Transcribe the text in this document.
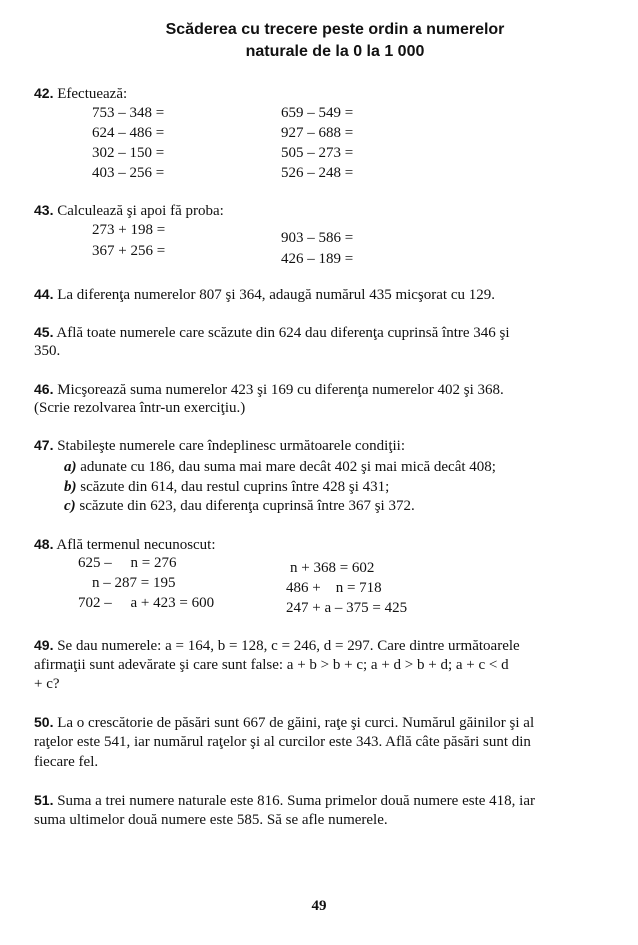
Scăderea cu trecere peste ordin a numerelor
naturale de la 0 la 1 000
42. Efectuează:
753 – 348 =
624 – 486 =
302 – 150 =
403 – 256 =
659 – 549 =
927 – 688 =
505 – 273 =
526 – 248 =
43. Calculează şi apoi fă proba:
273 + 198 =
367 + 256 =
903 – 586 =
426 – 189 =
44. La diferenţa numerelor 807 şi 364, adaugă numărul 435 micşorat cu 129.
45. Află toate numerele care scăzute din 624 dau diferenţa cuprinsă între 346 şi
350.
46. Micşorează suma numerelor 423 şi 169 cu diferenţa numerelor 402 şi 368.
(Scrie rezolvarea într-un exerciţiu.)
47. Stabileşte numerele care îndeplinesc următoarele condiţii:
a) adunate cu 186, dau suma mai mare decât 402 şi mai mică decât 408;
b) scăzute din 614, dau restul cuprins între 428 şi 431;
c) scăzute din 623, dau diferenţa cuprinsă între 367 şi 372.
48. Află termenul necunoscut:
625 –     n = 276
n – 287 = 195
702 –     a + 423 = 600
n + 368 = 602
486 +    n = 718
247 + a – 375 = 425
49. Se dau numerele: a = 164, b = 128, c = 246, d = 297. Care dintre următoarele
afirmaţii sunt adevărate şi care sunt false: a + b > b + c; a + d > b + d; a + c < d
+ c?
50. La o crescătorie de păsări sunt 667 de găini, raţe şi curci. Numărul găinilor şi al
raţelor este 541, iar numărul raţelor şi al curcilor este 343. Află câte păsări sunt din
fiecare fel.
51. Suma a trei numere naturale este 816. Suma primelor două numere este 418, iar
suma ultimelor două numere este 585. Să se afle numerele.
49
